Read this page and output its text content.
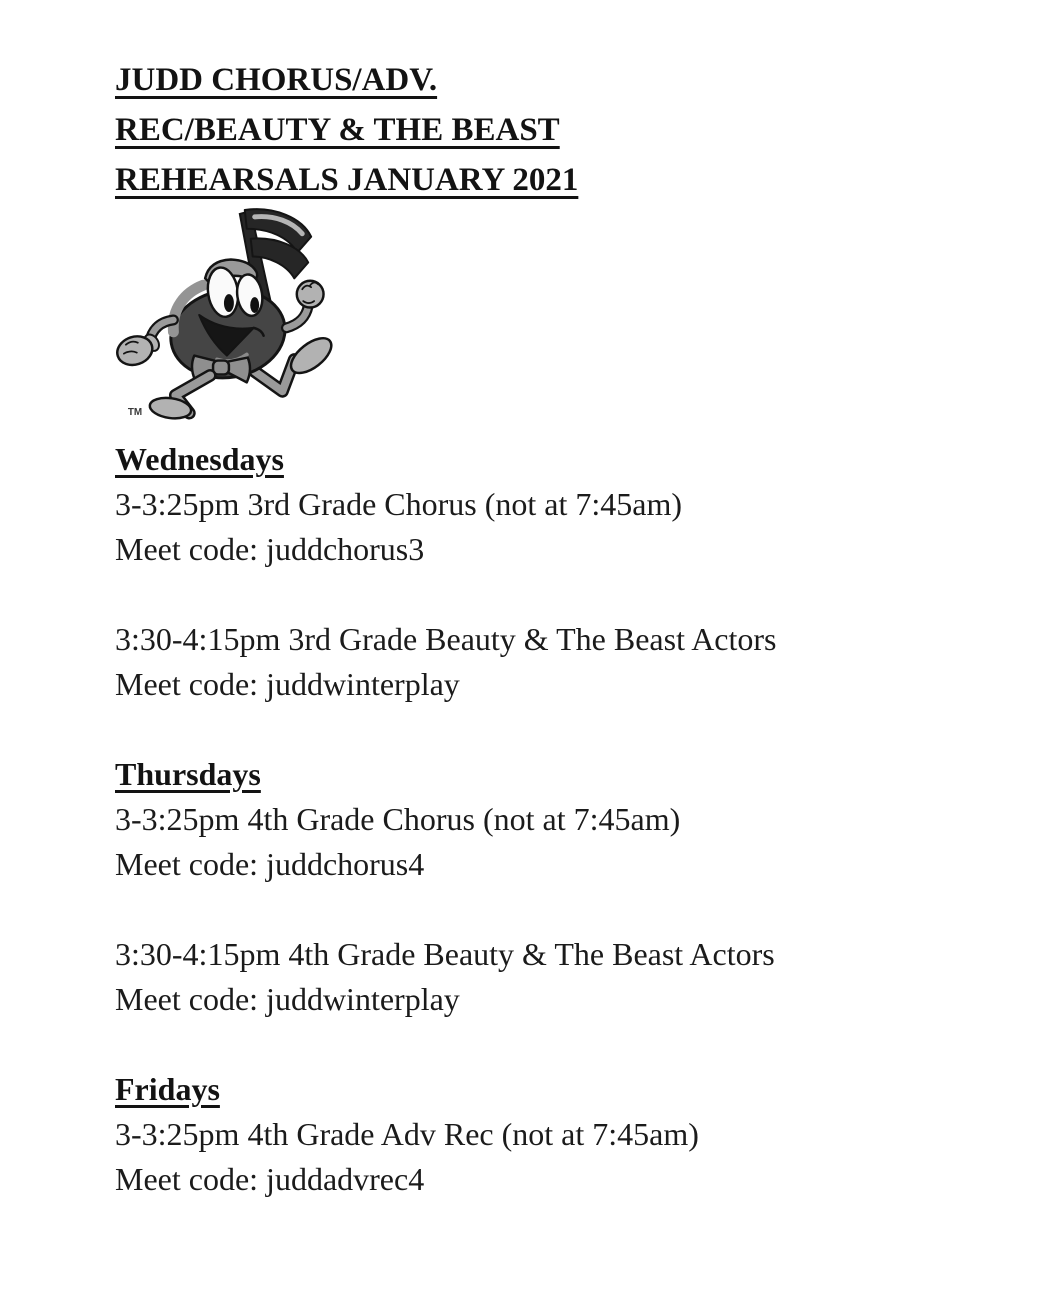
JUDD CHORUS/ADV.
REC/BEAUTY & THE BEAST
REHEARSALS JANUARY 2021
TM
Wednesdays

3-3:25pm 3rd Grade Chorus (not at 7:45am)

Meet code: juddchorus3

3:30-4:15pm 3rd Grade Beauty & The Beast Actors

Meet code: juddwinterplay

Thursdays

3-3:25pm 4th Grade Chorus (not at 7:45am)

Meet code: juddchorus4

3:30-4:15pm 4th Grade Beauty & The Beast Actors

Meet code: juddwinterplay

Fridays

3-3:25pm 4th Grade Adv Rec (not at 7:45am)

Meet code: juddadvrec4
